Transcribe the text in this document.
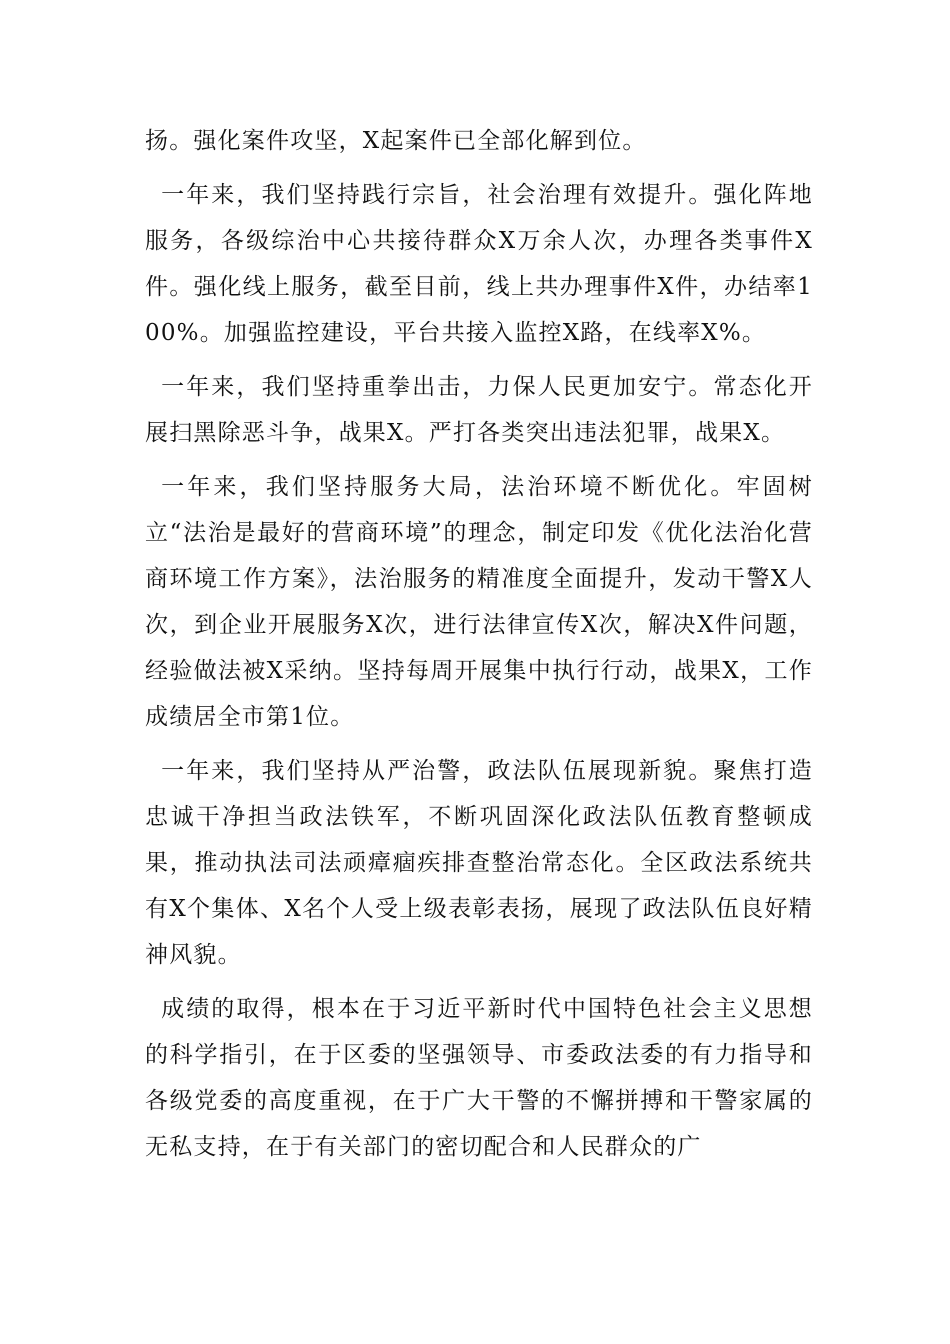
扬。强化案件攻坚，X起案件已全部化解到位。

一年来，我们坚持践行宗旨，社会治理有效提升。强化阵地服务，各级综治中心共接待群众X万余人次，办理各类事件X件。强化线上服务，截至目前，线上共办理事件X件，办结率100%。加强监控建设，平台共接入监控X路，在线率X%。

一年来，我们坚持重拳出击，力保人民更加安宁。常态化开展扫黑除恶斗争，战果X。严打各类突出违法犯罪，战果X。

一年来，我们坚持服务大局，法治环境不断优化。牢固树立“法治是最好的营商环境”的理念，制定印发《优化法治化营商环境工作方案》，法治服务的精准度全面提升，发动干警X人次，到企业开展服务X次，进行法律宣传X次，解决X件问题，经验做法被X采纳。坚持每周开展集中执行行动，战果X，工作成绩居全市第1位。

一年来，我们坚持从严治警，政法队伍展现新貌。聚焦打造忠诚干净担当政法铁军，不断巩固深化政法队伍教育整顿成果，推动执法司法顽瘴痼疾排查整治常态化。全区政法系统共有X个集体、X名个人受上级表彰表扬，展现了政法队伍良好精神风貌。

成绩的取得，根本在于习近平新时代中国特色社会主义思想的科学指引，在于区委的坚强领导、市委政法委的有力指导和各级党委的高度重视，在于广大干警的不懈拼搏和干警家属的无私支持，在于有关部门的密切配合和人民群众的广
